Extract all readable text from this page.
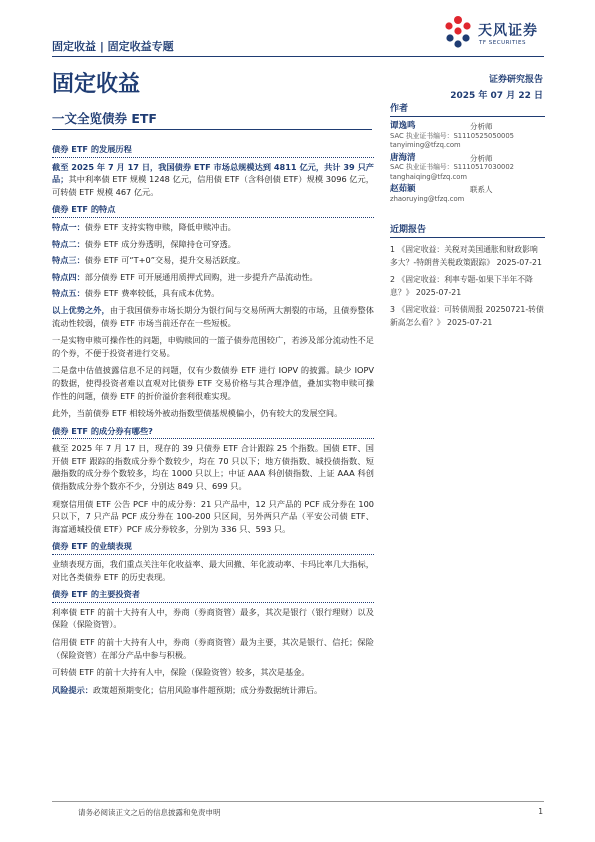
固定收益 | 固定收益专题
天风证券
TF SECURITIES
固定收益	证券研究报告
2025 年 07 月 22 日
一文全览债券 ETF
债券 ETF 的发展历程

截至 2025 年 7 月 17 日，我国债券 ETF 市场总规模达到 4811 亿元，共计 39 只产品；其中利率债 ETF 规模 1248 亿元，信用债 ETF（含科创债 ETF）规模 3096 亿元，可转债 ETF 规模 467 亿元。

债券 ETF 的特点
特点一：债券 ETF 支持实物申赎，降低申赎冲击。
特点二：债券 ETF 成分券透明，保障持仓可穿透。
特点三：债券 ETF 可“T+0”交易，提升交易活跃度。
特点四：部分债券 ETF 可开展通用质押式回购，进一步提升产品流动性。
特点五：债券 ETF 费率较低，具有成本优势。

以上优势之外，由于我国债券市场长期分为银行间与交易所两大割裂的市场，且债券整体流动性较弱，债券 ETF 市场当前还存在一些短板。

一是实物申赎可操作性的问题，申购赎回的一篮子债券范围较广，若涉及部分流动性不足的个券，不便于投资者进行交易。

二是盘中估值披露信息不足的问题，仅有少数债券 ETF 进行 IOPV 的披露。缺少 IOPV 的数据，使得投资者难以直观对比债券 ETF 交易价格与其合理净值，叠加实物申赎可操作性的问题，债券 ETF 的折价溢价套利很难实现。

此外，当前债券 ETF 相较场外被动指数型债基规模偏小，仍有较大的发展空间。

债券 ETF 的成分券有哪些?

截至 2025 年 7 月 17 日，现存的 39 只债券 ETF 合计跟踪 25 个指数。国债 ETF、国开债 ETF 跟踪的指数成分券个数较少，均在 70 只以下；地方债指数、城投债指数、短融指数的成分券个数较多，均在 1000 只以上；中证 AAA 科创债指数、上证 AAA 科创债指数成分券个数亦不少，分别达 849 只、699 只。

观察信用债 ETF 公告 PCF 中的成分券：21 只产品中，12 只产品的 PCF 成分券在 100 只以下，7 只产品 PCF 成分券在 100-200 只区间，另外两只产品（平安公司债 ETF、海富通城投债 ETF）PCF 成分券较多，分别为 336 只、593 只。

债券 ETF 的业绩表现

业绩表现方面，我们重点关注年化收益率、最大回撤、年化波动率、卡玛比率几大指标，对比各类债券 ETF 的历史表现。

债券 ETF 的主要投资者

利率债 ETF 的前十大持有人中，券商（券商资管）最多，其次是银行（银行理财）以及保险（保险资管）。

信用债 ETF 的前十大持有人中，券商（券商资管）最为主要，其次是银行、信托；保险（保险资管）在部分产品中参与积极。

可转债 ETF 的前十大持有人中，保险（保险资管）较多，其次是基金。

风险提示：政策超预期变化；信用风险事件超预期；成分券数据统计滞后。

作者
谭逸鸣	分析师
SAC 执业证书编号：S1110525050005
tanyiming@tfzq.com
唐海清	分析师
SAC 执业证书编号：S1110517030002
tanghaiqing@tfzq.com
赵茹颖	联系人
zhaoruying@tfzq.com
近期报告
1 《固定收益：关税对美国通胀和财政影响多大？-特朗普关税政策跟踪》 2025-07-21
2 《固定收益：利率专题-如果下半年不降息？》 2025-07-21
3 《固定收益：可转债周报 20250721-转债新高怎么看？》 2025-07-21
请务必阅读正文之后的信息披露和免责申明	1
